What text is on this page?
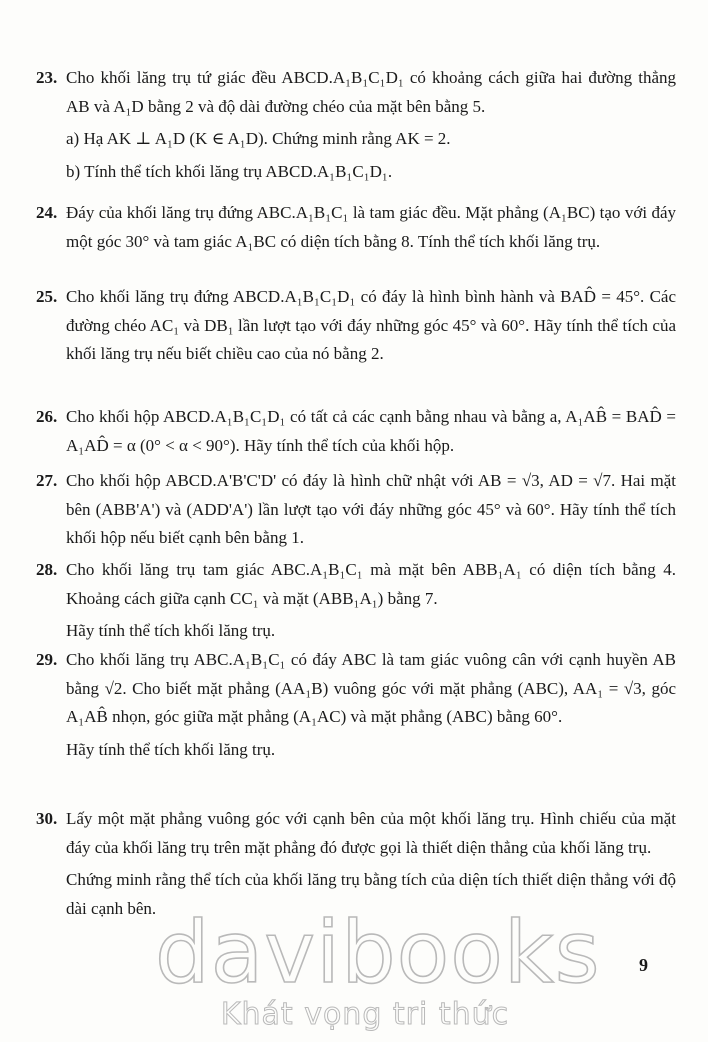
23. Cho khối lăng trụ tứ giác đều ABCD.A₁B₁C₁D₁ có khoảng cách giữa hai đường thẳng AB và A₁D bằng 2 và độ dài đường chéo của mặt bên bằng 5.

a) Hạ AK ⊥ A₁D (K ∈ A₁D). Chứng minh rằng AK = 2.

b) Tính thể tích khối lăng trụ ABCD.A₁B₁C₁D₁.

24. Đáy của khối lăng trụ đứng ABC.A₁B₁C₁ là tam giác đều. Mặt phẳng (A₁BC) tạo với đáy một góc 30° và tam giác A₁BC có diện tích bằng 8. Tính thể tích khối lăng trụ.

25. Cho khối lăng trụ đứng ABCD.A₁B₁C₁D₁ có đáy là hình bình hành và BAD̂ = 45°. Các đường chéo AC₁ và DB₁ lần lượt tạo với đáy những góc 45° và 60°. Hãy tính thể tích của khối lăng trụ nếu biết chiều cao của nó bằng 2.

26. Cho khối hộp ABCD.A₁B₁C₁D₁ có tất cả các cạnh bằng nhau và bằng a, A₁AB̂ = BAD̂ = A₁AD̂ = α (0° < α < 90°). Hãy tính thể tích của khối hộp.

27. Cho khối hộp ABCD.A'B'C'D' có đáy là hình chữ nhật với AB = √3, AD = √7. Hai mặt bên (ABB'A') và (ADD'A') lần lượt tạo với đáy những góc 45° và 60°. Hãy tính thể tích khối hộp nếu biết cạnh bên bằng 1.

28. Cho khối lăng trụ tam giác ABC.A₁B₁C₁ mà mặt bên ABB₁A₁ có diện tích bằng 4. Khoảng cách giữa cạnh CC₁ và mặt (ABB₁A₁) bằng 7.

Hãy tính thể tích khối lăng trụ.

29. Cho khối lăng trụ ABC.A₁B₁C₁ có đáy ABC là tam giác vuông cân với cạnh huyền AB bằng √2. Cho biết mặt phẳng (AA₁B) vuông góc với mặt phẳng (ABC), AA₁ = √3, góc A₁AB̂ nhọn, góc giữa mặt phẳng (A₁AC) và mặt phẳng (ABC) bằng 60°.

Hãy tính thể tích khối lăng trụ.

30. Lấy một mặt phẳng vuông góc với cạnh bên của một khối lăng trụ. Hình chiếu của mặt đáy của khối lăng trụ trên mặt phẳng đó được gọi là thiết diện thẳng của khối lăng trụ.

Chứng minh rằng thể tích của khối lăng trụ bằng tích của diện tích thiết diện thẳng với độ dài cạnh bên.

9
davibooks
Khát vọng tri thức
